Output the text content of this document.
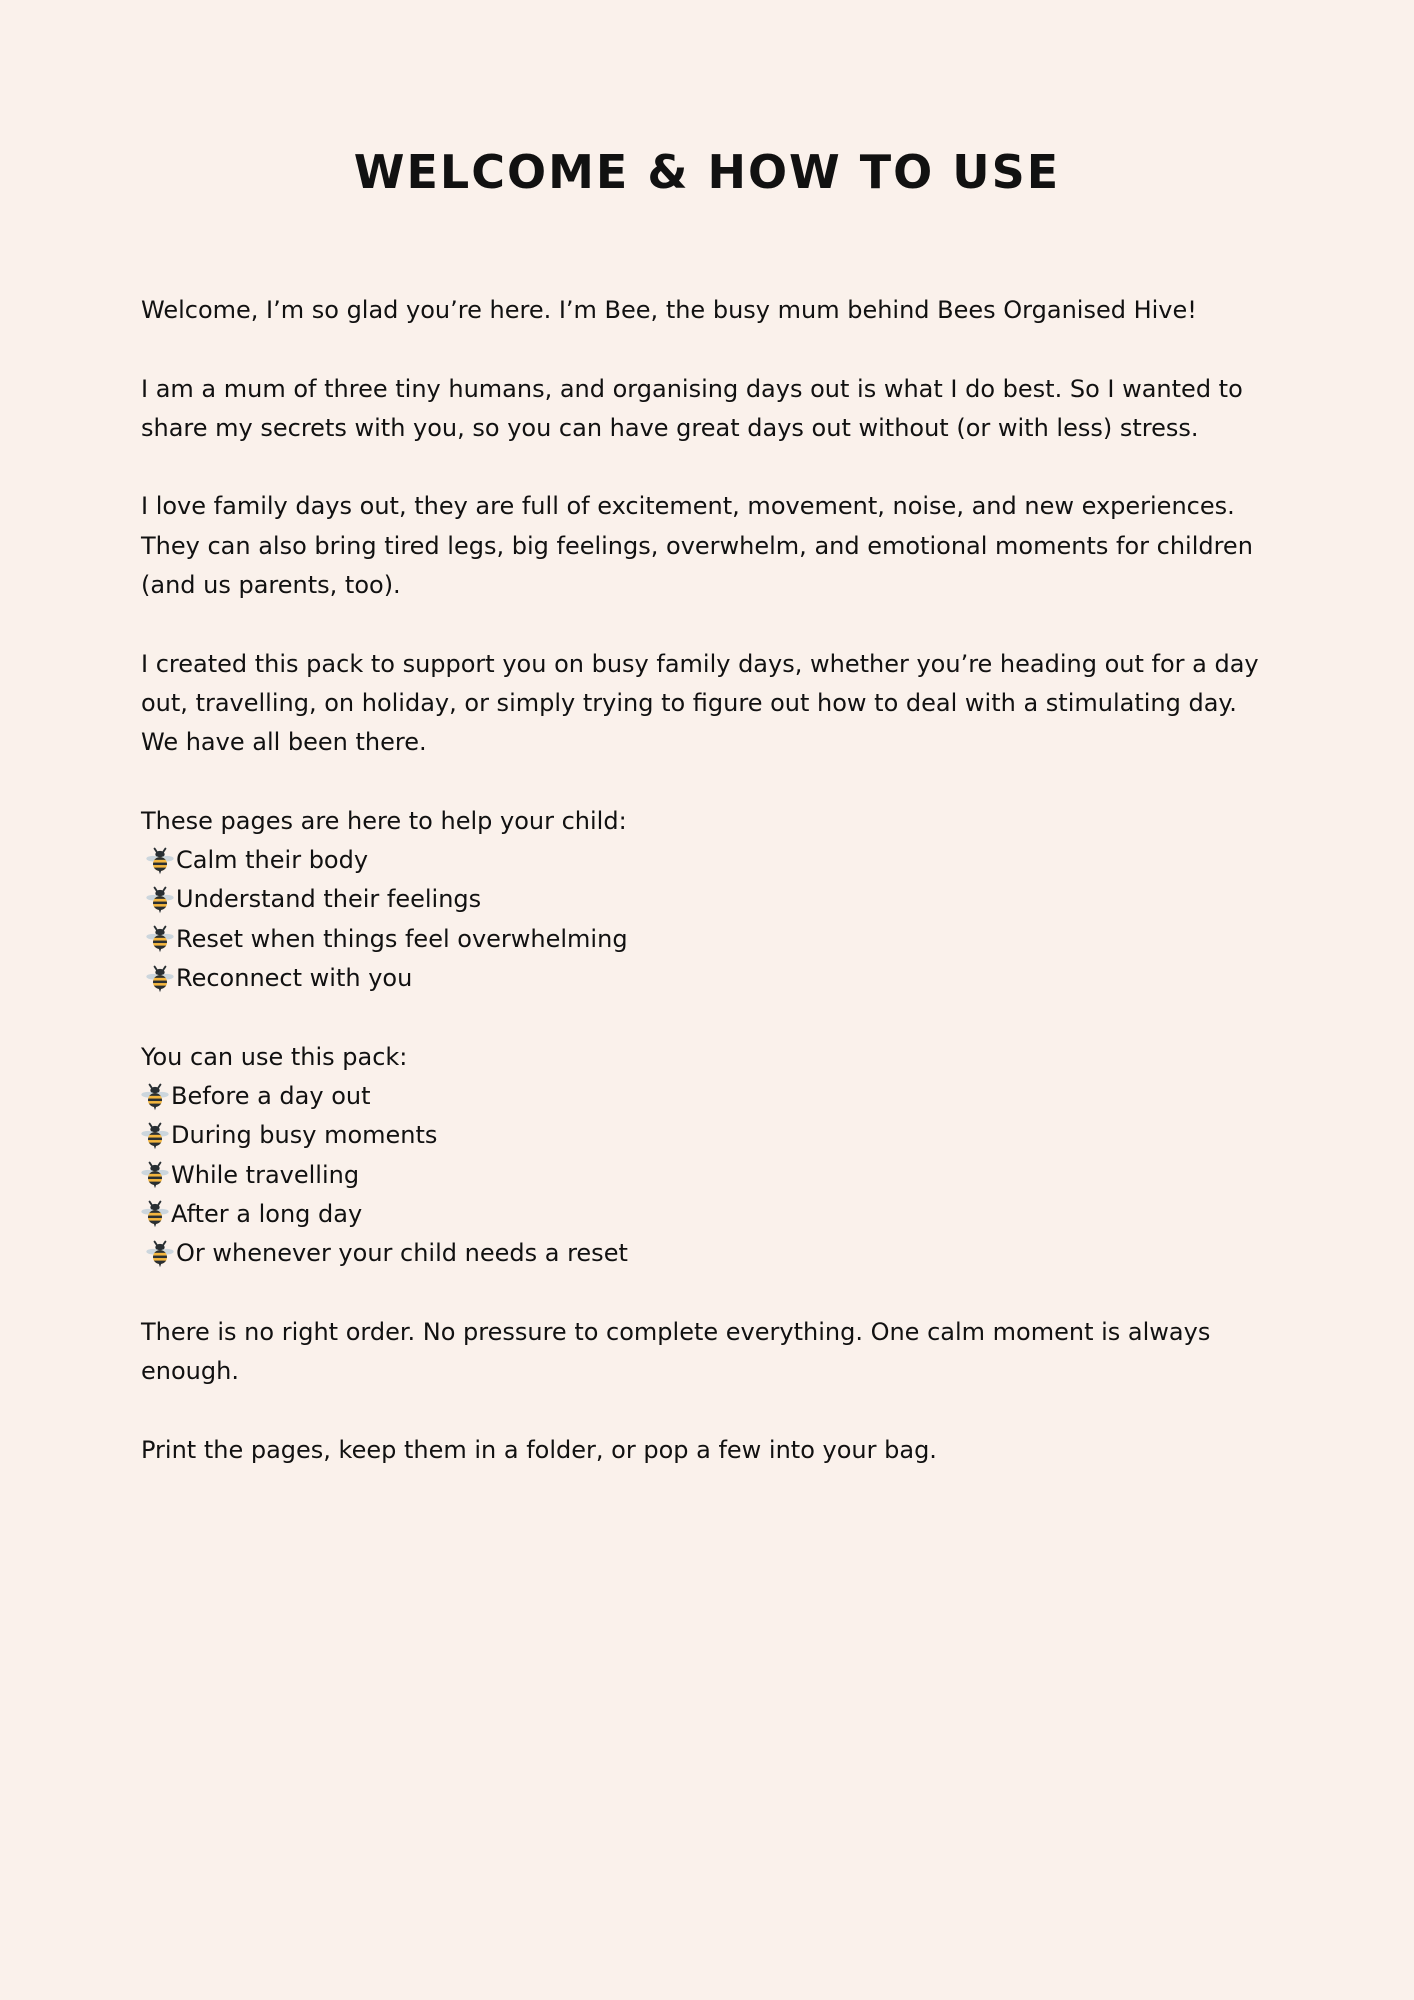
WELCOME & HOW TO USE

Welcome, I’m so glad you’re here. I’m Bee, the busy mum behind Bees Organised Hive!

I am a mum of three tiny humans, and organising days out is what I do best. So I wanted to share my secrets with you, so you can have great days out without (or with less) stress.

I love family days out, they are full of excitement, movement, noise, and new experiences. They can also bring tired legs, big feelings, overwhelm, and emotional moments for children (and us parents, too).

I created this pack to support you on busy family days, whether you’re heading out for a day out, travelling, on holiday, or simply trying to figure out how to deal with a stimulating day. We have all been there.

These pages are here to help your child:
Calm their body
Understand their feelings
Reset when things feel overwhelming
Reconnect with you
You can use this pack:
Before a day out
During busy moments
While travelling
After a long day
Or whenever your child needs a reset

There is no right order. No pressure to complete everything. One calm moment is always enough.

Print the pages, keep them in a folder, or pop a few into your bag.
